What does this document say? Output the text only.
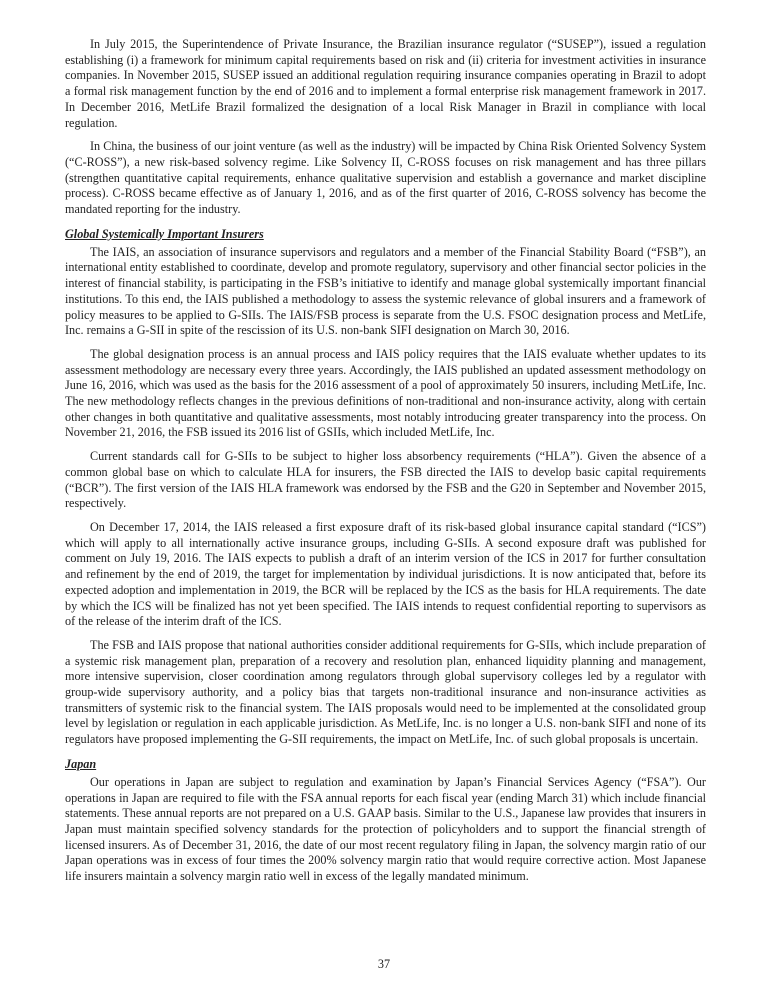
In July 2015, the Superintendence of Private Insurance, the Brazilian insurance regulator (“SUSEP”), issued a regulation establishing (i) a framework for minimum capital requirements based on risk and (ii) criteria for investment activities in insurance companies. In November 2015, SUSEP issued an additional regulation requiring insurance companies operating in Brazil to adopt a formal risk management function by the end of 2016 and to implement a formal enterprise risk management framework in 2017. In December 2016, MetLife Brazil formalized the designation of a local Risk Manager in Brazil in compliance with local regulation.

In China, the business of our joint venture (as well as the industry) will be impacted by China Risk Oriented Solvency System (“C-ROSS”), a new risk-based solvency regime. Like Solvency II, C-ROSS focuses on risk management and has three pillars (strengthen quantitative capital requirements, enhance qualitative supervision and establish a governance and market discipline process). C-ROSS became effective as of January 1, 2016, and as of the first quarter of 2016, C-ROSS solvency has become the mandated reporting for the industry.

Global Systemically Important Insurers

The IAIS, an association of insurance supervisors and regulators and a member of the Financial Stability Board (“FSB”), an international entity established to coordinate, develop and promote regulatory, supervisory and other financial sector policies in the interest of financial stability, is participating in the FSB’s initiative to identify and manage global systemically important financial institutions. To this end, the IAIS published a methodology to assess the systemic relevance of global insurers and a framework of policy measures to be applied to G-SIIs. The IAIS/FSB process is separate from the U.S. FSOC designation process and MetLife, Inc. remains a G-SII in spite of the rescission of its U.S. non-bank SIFI designation on March 30, 2016.

The global designation process is an annual process and IAIS policy requires that the IAIS evaluate whether updates to its assessment methodology are necessary every three years. Accordingly, the IAIS published an updated assessment methodology on June 16, 2016, which was used as the basis for the 2016 assessment of a pool of approximately 50 insurers, including MetLife, Inc. The new methodology reflects changes in the previous definitions of non-traditional and non-insurance activity, along with certain other changes in both quantitative and qualitative assessments, most notably introducing greater transparency into the process. On November 21, 2016, the FSB issued its 2016 list of GSIIs, which included MetLife, Inc.

Current standards call for G-SIIs to be subject to higher loss absorbency requirements (“HLA”). Given the absence of a common global base on which to calculate HLA for insurers, the FSB directed the IAIS to develop basic capital requirements (“BCR”). The first version of the IAIS HLA framework was endorsed by the FSB and the G20 in September and November 2015, respectively.

On December 17, 2014, the IAIS released a first exposure draft of its risk-based global insurance capital standard (“ICS”) which will apply to all internationally active insurance groups, including G-SIIs. A second exposure draft was published for comment on July 19, 2016. The IAIS expects to publish a draft of an interim version of the ICS in 2017 for further consultation and refinement by the end of 2019, the target for implementation by individual jurisdictions. It is now anticipated that, before its expected adoption and implementation in 2019, the BCR will be replaced by the ICS as the basis for HLA requirements. The date by which the ICS will be finalized has not yet been specified. The IAIS intends to request confidential reporting to supervisors as of the release of the interim draft of the ICS.

The FSB and IAIS propose that national authorities consider additional requirements for G-SIIs, which include preparation of a systemic risk management plan, preparation of a recovery and resolution plan, enhanced liquidity planning and management, more intensive supervision, closer coordination among regulators through global supervisory colleges led by a regulator with group-wide supervisory authority, and a policy bias that targets non-traditional insurance and non-insurance activities as transmitters of systemic risk to the financial system. The IAIS proposals would need to be implemented at the consolidated group level by legislation or regulation in each applicable jurisdiction. As MetLife, Inc. is no longer a U.S. non-bank SIFI and none of its regulators have proposed implementing the G-SII requirements, the impact on MetLife, Inc. of such global proposals is uncertain.

Japan

Our operations in Japan are subject to regulation and examination by Japan’s Financial Services Agency (“FSA”). Our operations in Japan are required to file with the FSA annual reports for each fiscal year (ending March 31) which include financial statements. These annual reports are not prepared on a U.S. GAAP basis. Similar to the U.S., Japanese law provides that insurers in Japan must maintain specified solvency standards for the protection of policyholders and to support the financial strength of licensed insurers. As of December 31, 2016, the date of our most recent regulatory filing in Japan, the solvency margin ratio of our Japan operations was in excess of four times the 200% solvency margin ratio that would require corrective action. Most Japanese life insurers maintain a solvency margin ratio well in excess of the legally mandated minimum.

37
